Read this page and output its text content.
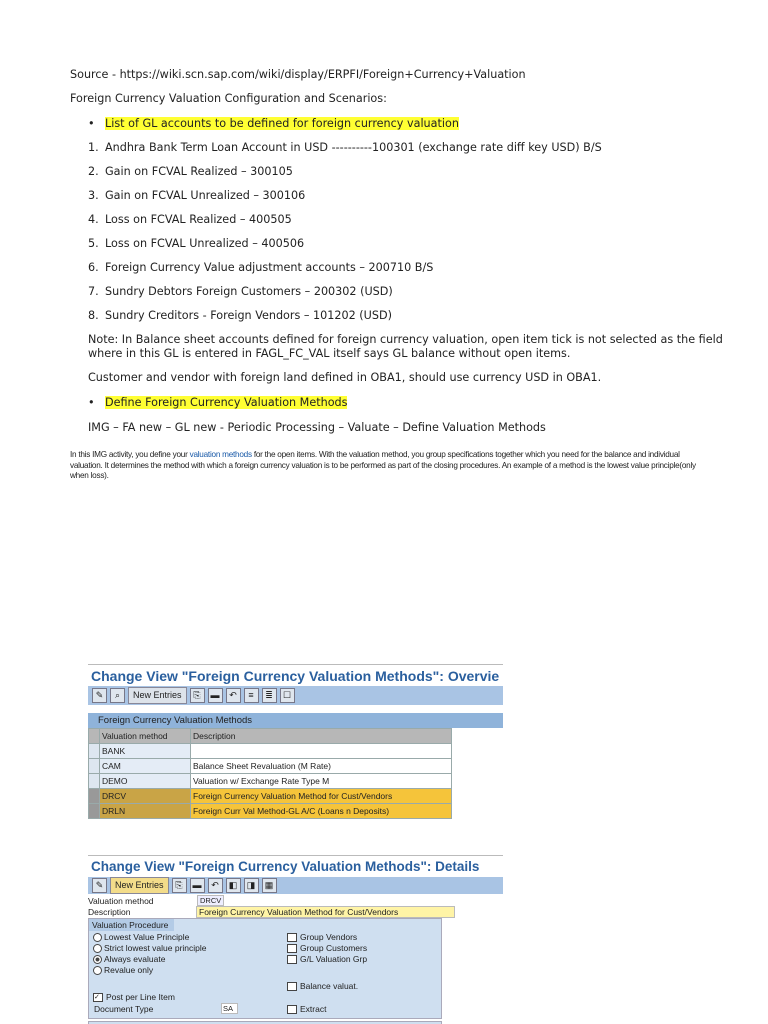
Source - https://wiki.scn.sap.com/wiki/display/ERPFI/Foreign+Currency+Valuation
Foreign Currency Valuation Configuration and Scenarios:
• List of GL accounts to be defined for foreign currency valuation
1. Andhra Bank Term Loan Account in USD ----------100301 (exchange rate diff key USD) B/S
2. Gain on FCVAL Realized – 300105
3. Gain on FCVAL Unrealized – 300106
4. Loss on FCVAL Realized – 400505
5. Loss on FCVAL Unrealized – 400506
6. Foreign Currency Value adjustment accounts – 200710 B/S
7. Sundry Debtors Foreign Customers – 200302 (USD)
8. Sundry Creditors - Foreign Vendors – 101202 (USD)
Note: In Balance sheet accounts defined for foreign currency valuation, open item tick is not selected as the field
where in this GL is entered in FAGL_FC_VAL itself says GL balance without open items.
Customer and vendor with foreign land defined in OBA1, should use currency USD in OBA1.
• Define Foreign Currency Valuation Methods
IMG – FA new – GL new - Periodic Processing – Valuate – Define Valuation Methods
In this IMG activity, you define your valuation methods for the open items. With the valuation method, you group specifications together which you need for the balance and individual valuation. It determines the method with which a foreign currency valuation is to be performed as part of the closing procedures. An example of a method is the lowest value principle(only when loss).
Change View "Foreign Currency Valuation Methods": Overvie
✎	⌕	New Entries	⎘	▬	↶	≡	≣	☐
Foreign Currency Valuation Methods
	Valuation method	Description
	BANK	
	CAM	Balance Sheet Revaluation (M Rate)
	DEMO	Valuation w/ Exchange Rate Type M
	DRCV	Foreign Currency Valuation Method for Cust/Vendors
	DRLN	Foreign Curr Val Method-GL A/C (Loans n Deposits)
Change View "Foreign Currency Valuation Methods": Details
✎	New Entries	⎘	▬	↶	◧	◨	▦
Valuation method	DRCV
Description	Foreign Currency Valuation Method for Cust/Vendors
Valuation Procedure
Lowest Value Principle
Strict lowest value principle
Always evaluate
Revalue only
✓ Post per Line Item
Document Type	SA
Group Vendors
Group Customers
G/L Valuation Grp
Balance valuat.
Extract
